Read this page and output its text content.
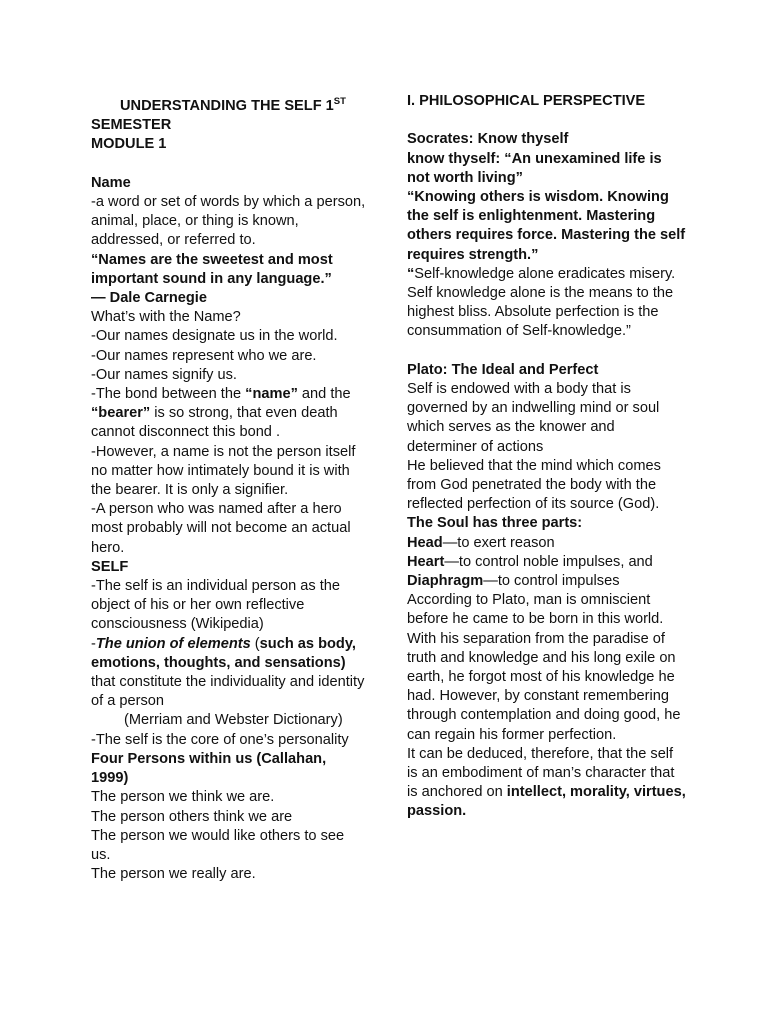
UNDERSTANDING THE SELF 1ST
SEMESTER
MODULE 1
Name
-a word or set of words by which a person, animal, place, or thing is known, addressed, or referred to.
“Names are the sweetest and most important sound in any language.”
— Dale Carnegie
What’s with the Name?
-Our names designate us in the world.
-Our names represent who we are.
-Our names signify us.
-The bond between the “name” and the “bearer” is so strong, that even death cannot disconnect this bond .
-However, a name is not the person itself no matter how intimately bound it is with the bearer. It is only a signifier.
-A person who was named after a hero most probably will not become an actual hero.
SELF
-The self is an individual person as the object of his or her own reflective consciousness (Wikipedia)
-The union of elements (such as body, emotions, thoughts, and sensations) that constitute the individuality and identity of a person
(Merriam and Webster Dictionary)
-The self is the core of one’s personality
Four Persons within us (Callahan, 1999)
The person we think we are.
The person others think we are
The person we would like others to see us.
The person we really are.
I. PHILOSOPHICAL PERSPECTIVE
Socrates: Know thyself
know thyself: “An unexamined life is not worth living”
“Knowing others is wisdom. Knowing the self is enlightenment. Mastering others requires force. Mastering the self requires strength.”
“Self-knowledge alone eradicates misery. Self knowledge alone is the means to the highest bliss. Absolute perfection is the consummation of Self-knowledge.”
Plato: The Ideal and Perfect
Self is endowed with a body that is governed by an indwelling mind or soul which serves as the knower and determiner of actions
He believed that the mind which comes from God penetrated the body with the reflected perfection of its source (God).
The Soul has three parts:
Head—to exert reason
Heart—to control noble impulses, and
Diaphragm—to control impulses
According to Plato, man is omniscient before he came to be born in this world. With his separation from the paradise of truth and knowledge and his long exile on earth, he forgot most of his knowledge he had. However, by constant remembering through contemplation and doing good, he can regain his former perfection.
It can be deduced, therefore, that the self is an embodiment of man’s character that is anchored on intellect, morality, virtues, passion.
